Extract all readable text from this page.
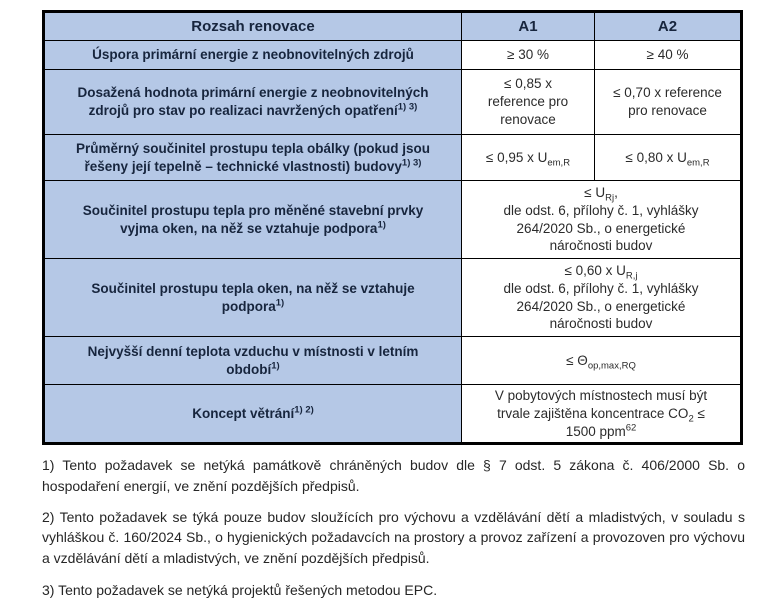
Rozsah renovace	A1	A2
Úspora primární energie z neobnovitelných zdrojů	≥ 30 %	≥ 40 %
Dosažená hodnota primární energie z neobnovitelných zdrojů pro stav po realizaci navržených opatření$^{1) 3)}$	≤ 0,85 x reference pro renovace	≤ 0,70 x reference pro renovace
Průměrný součinitel prostupu tepla obálky (pokud jsou řešeny její tepelně – technické vlastnosti) budovy$^{1) 3)}$	≤ 0,95 x $U_{em,R}$	≤ 0,80 x $U_{em,R}$
Součinitel prostupu tepla pro měněné stavební prvky vyjma oken, na něž se vztahuje podpora$^{1)}$	≤ $U_{Rj}$,
dle odst. 6, přílohy č. 1, vyhlášky
264/2020 Sb., o energetické
náročnosti budov	

Součinitel prostupu tepla oken, na něž se vztahuje podpora$^{1)}$	≤ 0,60 x $U_{R,j}$
dle odst. 6, přílohy č. 1, vyhlášky
264/2020 Sb., o energetické
náročnosti budov	

Nejvyšší denní teplota vzduchu v místnosti v letním období$^{1)}$	≤ $\Theta_{op,max,RQ}$

Koncept větrání$^{1) 2)}$	V pobytových místnostech musí být
trvale zajištěna koncentrace $CO_2$ ≤
1500 ppm$^{62}$

1) Tento požadavek se netýká památkově chráněných budov dle § 7 odst. 5 zákona č. 406/2000 Sb. o hospodaření energií, ve znění pozdějších předpisů.

2) Tento požadavek se týká pouze budov sloužících pro výchovu a vzdělávání dětí a mladistvých, v souladu s vyhláškou č. 160/2024 Sb., o hygienických požadavcích na prostory a provoz zařízení a provozoven pro výchovu a vzdělávání dětí a mladistvých, ve znění pozdějších předpisů.

3) Tento požadavek se netýká projektů řešených metodou EPC.
